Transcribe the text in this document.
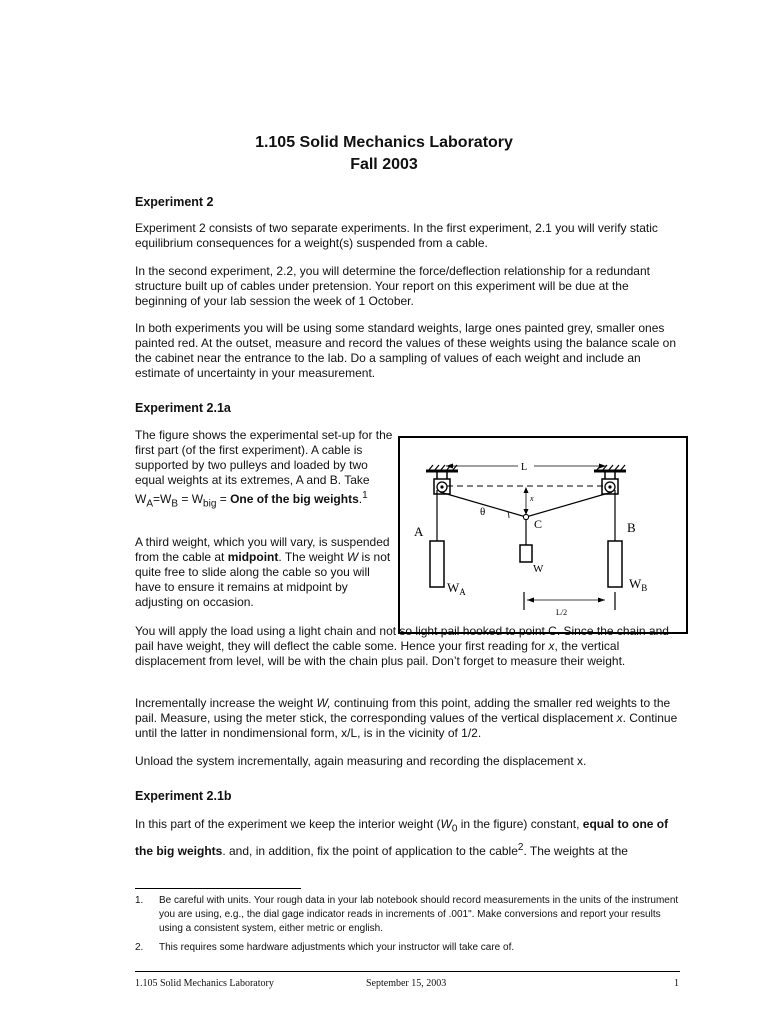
1.105 Solid Mechanics Laboratory
Fall 2003
Experiment 2
Experiment 2 consists of two separate experiments. In the first experiment, 2.1 you will verify static equilibrium consequences for a weight(s) suspended from a cable.
In the second experiment, 2.2, you will determine the force/deflection relationship for a redundant structure built up of cables under pretension. Your report on this experiment will be due at the beginning of your lab session the week of 1 October.
In both experiments you will be using some standard weights, large ones painted grey, smaller ones painted red. At the outset, measure and record the values of these weights using the balance scale on the cabinet near the entrance to the lab. Do a sampling of values of each weight and include an estimate of uncertainty in your measurement.
Experiment 2.1a
The figure shows the experimental set-up for the first part (of the first experiment). A cable is supported by two pulleys and loaded by two equal weights at its extremes, A and B. Take $W_A=W_B = W_{big}$ = One of the big weights.$^1$
A third weight, which you will vary, is suspended from the cable at midpoint. The weight W is not quite free to slide along the cable so you will have to ensure it remains at midpoint by adjusting on occasion.
You will apply the load using a light chain and not so light pail hooked to point C. Since the chain and pail have weight, they will deflect the cable some. Hence your first reading for x, the vertical displacement from level, will be with the chain plus pail. Don’t forget to measure their weight.
Incrementally increase the weight W, continuing from this point, adding the smaller red weights to the pail. Measure, using the meter stick, the corresponding values of the vertical displacement x. Continue until the latter in nondimensional form, x/L, is in the vicinity of 1/2.
Unload the system incrementally, again measuring and recording the displacement x.
Experiment 2.1b
In this part of the experiment we keep the interior weight ($W_0$ in the figure) constant, equal to one of the big weights. and, in addition, fix the point of application to the cable$^2$. The weights at the
L
x
θ
C
A	B
W
$W_A$
$W_B$
L/2
1. Be careful with units. Your rough data in your lab notebook should record measurements in the units of the instrument you are using, e.g., the dial gage indicator reads in increments of .001". Make conversions and report your results using a consistent system, either metric or english.
2. This requires some hardware adjustments which your instructor will take care of.
1.105 Solid Mechanics Laboratory	September 15, 2003	1
